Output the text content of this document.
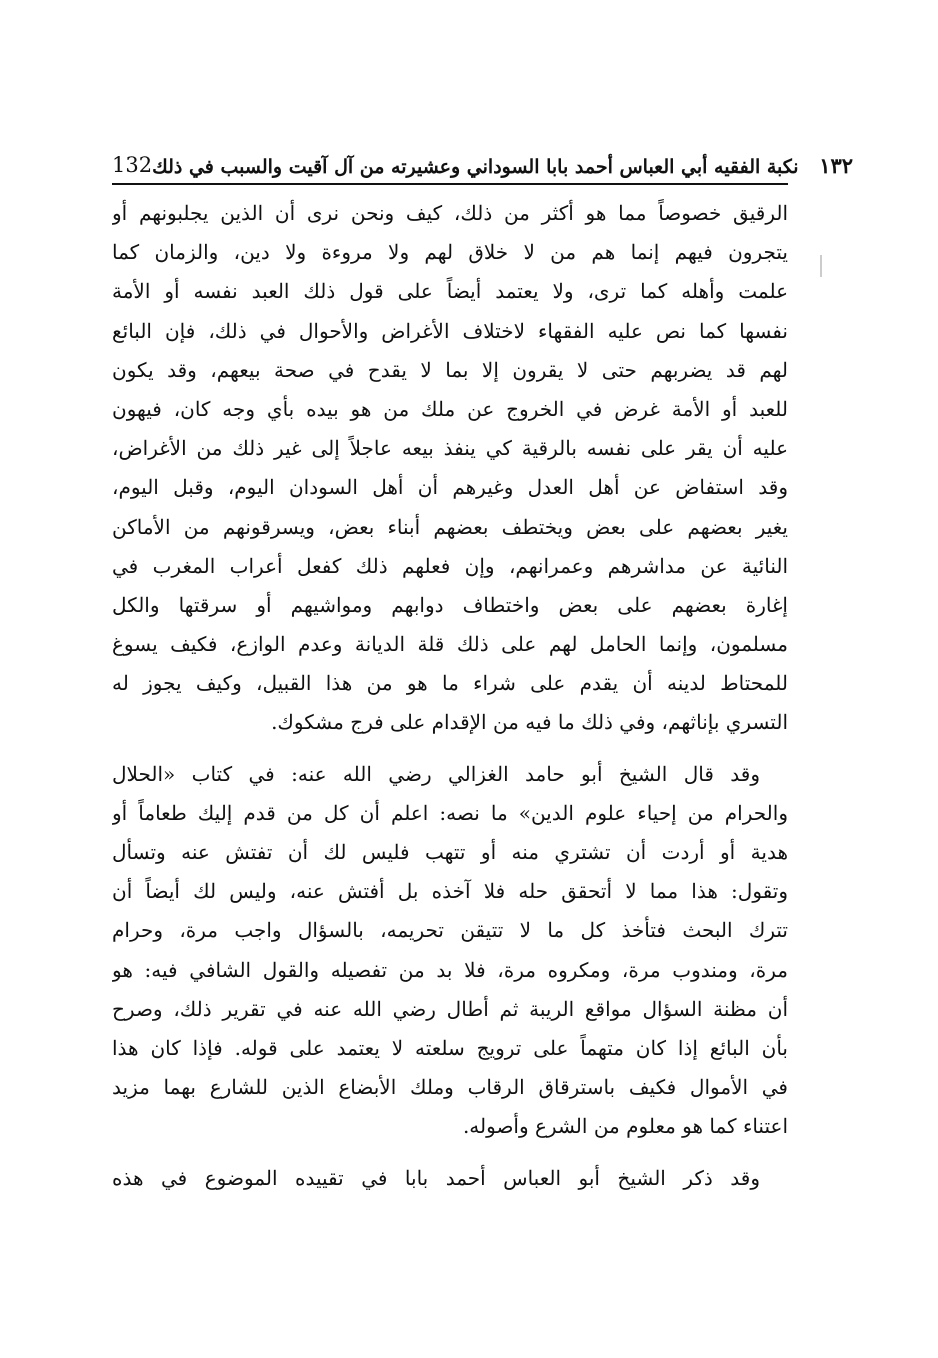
132	١٣٢ نكبة الفقيه أبي العباس أحمد بابا السوداني وعشيرته من آل آقيت والسبب في ذلك
الرقيق خصوصاً مما هو أكثر من ذلك، كيف ونحن نرى أن الذين يجلبونهم أو
يتجرون فيهم إنما هم من لا خلاق لهم ولا مروءة ولا دين، والزمان كما
علمت وأهله كما ترى، ولا يعتمد أيضاً على قول ذلك العبد نفسه أو الأمة
نفسها كما نص عليه الفقهاء لاختلاف الأغراض والأحوال في ذلك، فإن البائع
لهم قد يضربهم حتى لا يقرون إلا بما لا يقدح في صحة بيعهم، وقد يكون
للعبد أو الأمة غرض في الخروج عن ملك من هو بيده بأي وجه كان، فيهون
عليه أن يقر على نفسه بالرقية كي ينفذ بيعه عاجلاً إلى غير ذلك من الأغراض،
وقد استفاض عن أهل العدل وغيرهم أن أهل السودان اليوم، وقبل اليوم،
يغير بعضهم على بعض ويختطف بعضهم أبناء بعض، ويسرقونهم من الأماكن
النائية عن مداشرهم وعمرانهم، وإن فعلهم ذلك كفعل أعراب المغرب في
إغارة بعضهم على بعض واختطاف دوابهم ومواشيهم أو سرقتها والكل
مسلمون، وإنما الحامل لهم على ذلك قلة الديانة وعدم الوازع، فكيف يسوغ
للمحتاط لدينه أن يقدم على شراء ما هو من هذا القبيل، وكيف يجوز له
التسري بإناثهم، وفي ذلك ما فيه من الإقدام على فرج مشكوك.
وقد قال الشيخ أبو حامد الغزالي رضي الله عنه: في كتاب «الحلال
والحرام من إحياء علوم الدين» ما نصه: اعلم أن كل من قدم إليك طعاماً أو
هدية أو أردت أن تشتري منه أو تتهب فليس لك أن تفتش عنه وتسأل
وتقول: هذا مما لا أتحقق حله فلا آخذه بل أفتش عنه، وليس لك أيضاً أن
تترك البحث فتأخذ كل ما لا تتيقن تحريمه، بالسؤال واجب مرة، وحرام
مرة، ومندوب مرة، ومكروه مرة، فلا بد من تفصيله والقول الشافي فيه: هو
أن مظنة السؤال مواقع الريبة ثم أطال رضي الله عنه في تقرير ذلك، وصرح
بأن البائع إذا كان متهماً على ترويج سلعته لا يعتمد على قوله. فإذا كان هذا
في الأموال فكيف باسترقاق الرقاب وملك الأبضاع الذين للشارع بهما مزيد
اعتناء كما هو معلوم من الشرع وأصوله.
وقد ذكر الشيخ أبو العباس أحمد بابا في تقييده الموضوع في هذه
